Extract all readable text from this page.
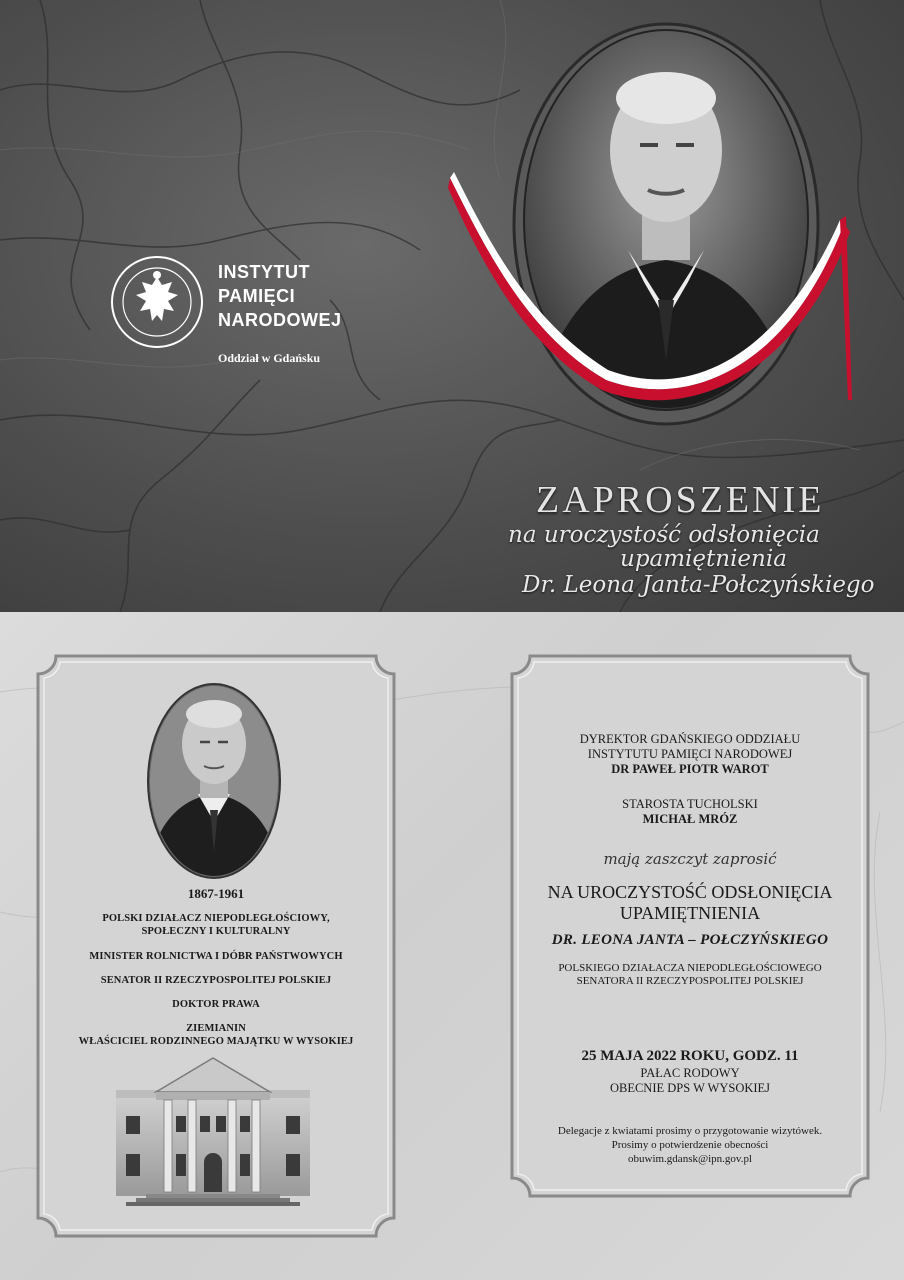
INSTYTUT
PAMIĘCI
NARODOWEJ
Oddział w Gdańsku
ZAPROSZENIE
na uroczystość odsłonięcia
upamiętnienia
Dr. Leona Janta-Połczyńskiego
1867-1961
POLSKI DZIAŁACZ NIEPODLEGŁOŚCIOWY,
SPOŁECZNY I KULTURALNY
MINISTER ROLNICTWA I DÓBR PAŃSTWOWYCH
SENATOR II RZECZYPOSPOLITEJ POLSKIEJ
DOKTOR PRAWA
ZIEMIANIN
WŁAŚCICIEL RODZINNEGO MAJĄTKU W WYSOKIEJ
DYREKTOR GDAŃSKIEGO ODDZIAŁU
INSTYTUTU PAMIĘCI NARODOWEJ
DR PAWEŁ PIOTR WAROT
STAROSTA TUCHOLSKI
MICHAŁ MRÓZ
mają zaszczyt zaprosić
NA UROCZYSTOŚĆ ODSŁONIĘCIA
UPAMIĘTNIENIA
DR. LEONA JANTA – POŁCZYŃSKIEGO
POLSKIEGO DZIAŁACZA NIEPODLEGŁOŚCIOWEGO
SENATORA II RZECZYPOSPOLITEJ POLSKIEJ
25 MAJA 2022 ROKU, GODZ. 11
PAŁAC RODOWY
OBECNIE DPS W WYSOKIEJ
Delegacje z kwiatami prosimy o przygotowanie wizytówek.
Prosimy o potwierdzenie obecności
obuwim.gdansk@ipn.gov.pl
